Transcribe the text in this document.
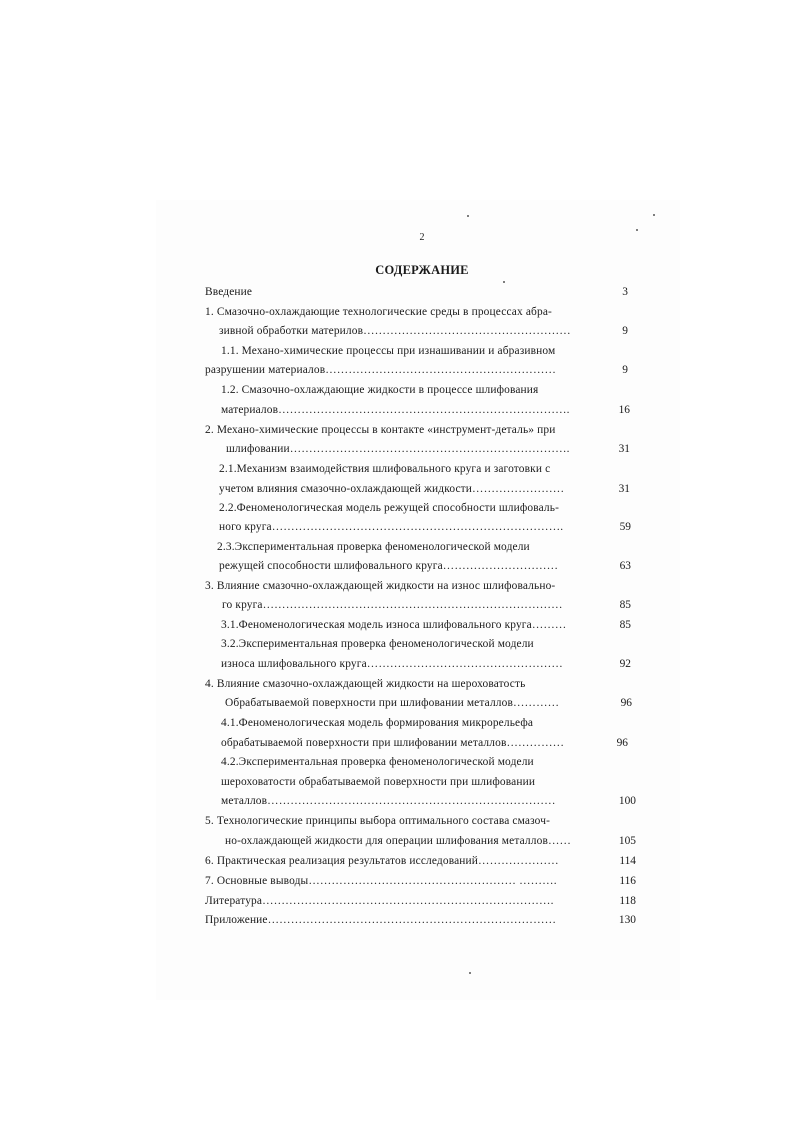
2
СОДЕРЖАНИЕ
Введение
1. Смазочно-охлаждающие технологические среды в процессах абра-
зивной обработки материлов………………………………………………
1.1. Механо-химические процессы при изнашивании и абразивном
разрушении материалов……………………………………………………
1.2. Смазочно-охлаждающие жидкости в процессе шлифования
материалов………………………………………………………………….
2. Механо-химические процессы в контакте «инструмент-деталь» при
шлифовании……………………………………………………………….
2.1.Механизм взаимодействия шлифовального круга и заготовки с
учетом влияния смазочно-охлаждающей жидкости……………………
2.2.Феноменологическая модель режущей способности шлифоваль-
ного круга………………………………………………………………….
2.3.Экспериментальная проверка феноменологической модели
режущей способности шлифовального круга…………………………
3. Влияние смазочно-охлаждающей жидкости на износ шлифовально-
го круга……………………………………………………………………
3.1.Феноменологическая модель износа шлифовального круга………
3.2.Экспериментальная проверка феноменологической модели
износа шлифовального круга……………………………………………
4. Влияние смазочно-охлаждающей жидкости на шероховатость
Обрабатываемой поверхности при шлифовании металлов…………
4.1.Феноменологическая модель формирования микрорельефа
обрабатываемой поверхности при шлифовании металлов……………
4.2.Экспериментальная проверка феноменологической модели
шероховатости обрабатываемой поверхности при шлифовании
металлов…………………………………………………………………
5. Технологические принципы выбора оптимального состава смазоч-
но-охлаждающей жидкости для операции шлифования металлов……
6. Практическая реализация результатов исследований…………………
7. Основные выводы……………………………………………… ……….
Литература………………………………………………………………….
Приложение…………………………………………………………………
3
9
9
16
31
31
59
63
85
85
92
96
96
100
105
114
116
118
130
